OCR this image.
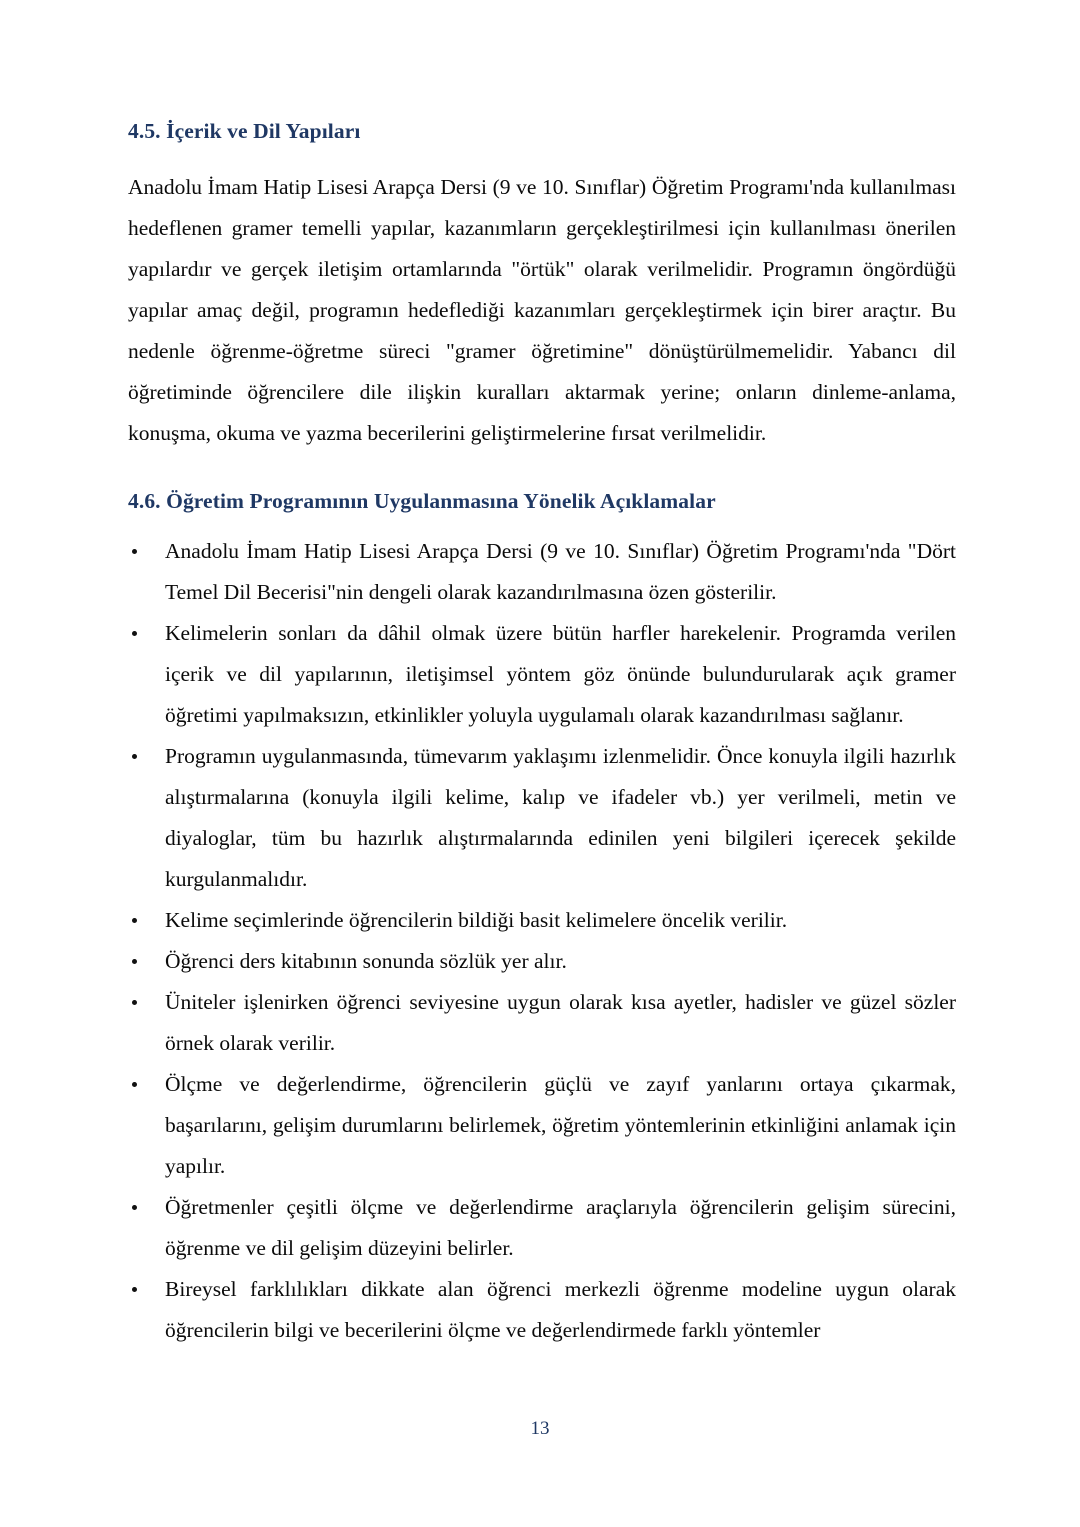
4.5. İçerik ve Dil Yapıları

Anadolu İmam Hatip Lisesi Arapça Dersi (9 ve 10. Sınıflar) Öğretim Programı'nda kullanılması hedeflenen gramer temelli yapılar, kazanımların gerçekleştirilmesi için kullanılması önerilen yapılardır ve gerçek iletişim ortamlarında "örtük" olarak verilmelidir. Programın öngördüğü yapılar amaç değil, programın hedeflediği kazanımları gerçekleştirmek için birer araçtır. Bu nedenle öğrenme-öğretme süreci "gramer öğretimine" dönüştürülmemelidir. Yabancı dil öğretiminde öğrencilere dile ilişkin kuralları aktarmak yerine; onların dinleme-anlama, konuşma, okuma ve yazma becerilerini geliştirmelerine fırsat verilmelidir.

4.6. Öğretim Programının Uygulanmasına Yönelik Açıklamalar
Anadolu İmam Hatip Lisesi Arapça Dersi (9 ve 10. Sınıflar) Öğretim Programı'nda "Dört Temel Dil Becerisi"nin dengeli olarak kazandırılmasına özen gösterilir.
Kelimelerin sonları da dâhil olmak üzere bütün harfler harekelenir. Programda verilen içerik ve dil yapılarının, iletişimsel yöntem göz önünde bulundurularak açık gramer öğretimi yapılmaksızın, etkinlikler yoluyla uygulamalı olarak kazandırılması sağlanır.
Programın uygulanmasında, tümevarım yaklaşımı izlenmelidir. Önce konuyla ilgili hazırlık alıştırmalarına (konuyla ilgili kelime, kalıp ve ifadeler vb.) yer verilmeli, metin ve diyaloglar, tüm bu hazırlık alıştırmalarında edinilen yeni bilgileri içerecek şekilde kurgulanmalıdır.
Kelime seçimlerinde öğrencilerin bildiği basit kelimelere öncelik verilir.
Öğrenci ders kitabının sonunda sözlük yer alır.
Üniteler işlenirken öğrenci seviyesine uygun olarak kısa ayetler, hadisler ve güzel sözler örnek olarak verilir.
Ölçme ve değerlendirme, öğrencilerin güçlü ve zayıf yanlarını ortaya çıkarmak, başarılarını, gelişim durumlarını belirlemek, öğretim yöntemlerinin etkinliğini anlamak için yapılır.
Öğretmenler çeşitli ölçme ve değerlendirme araçlarıyla öğrencilerin gelişim sürecini, öğrenme ve dil gelişim düzeyini belirler.
Bireysel farklılıkları dikkate alan öğrenci merkezli öğrenme modeline uygun olarak öğrencilerin bilgi ve becerilerini ölçme ve değerlendirmede farklı yöntemler
13
